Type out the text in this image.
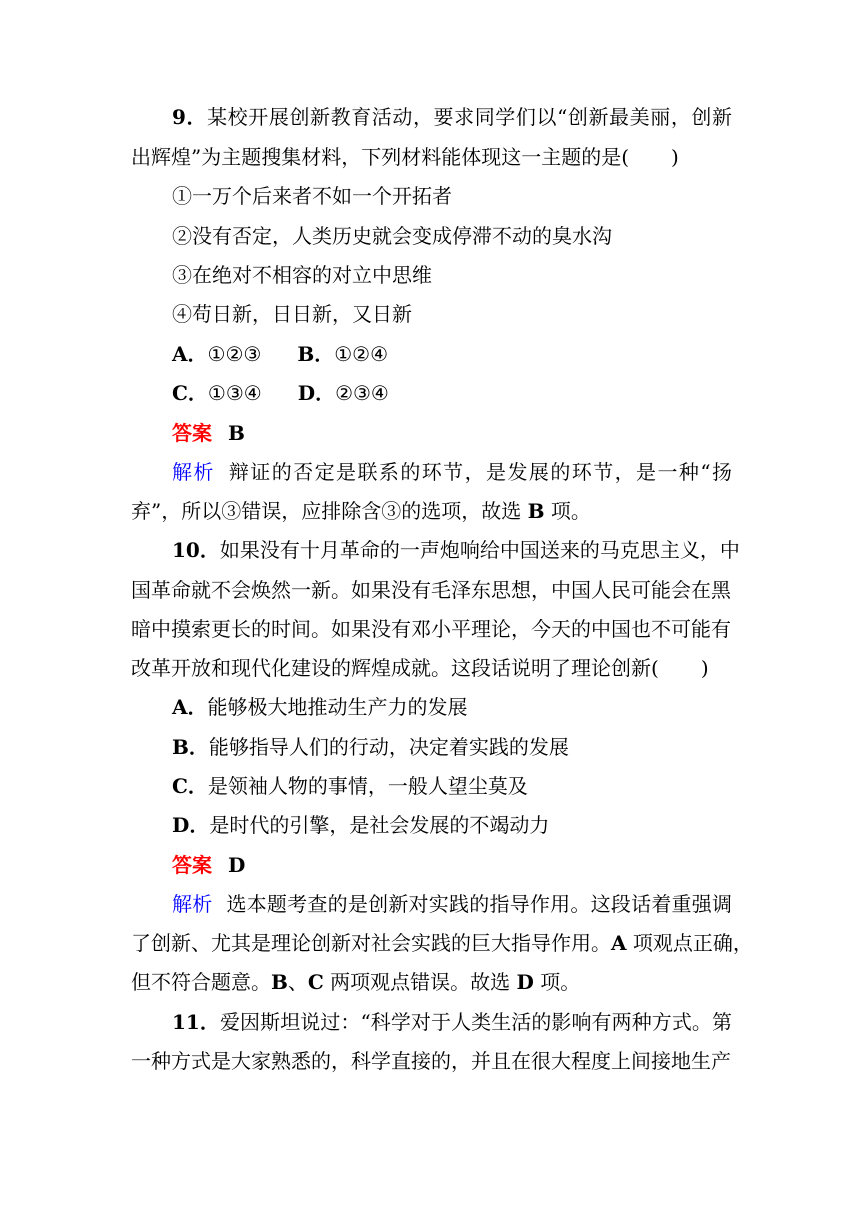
9．某校开展创新教育活动，要求同学们以“创新最美丽，创新
出辉煌”为主题搜集材料，下列材料能体现这一主题的是( )
①一万个后来者不如一个开拓者
②没有否定，人类历史就会变成停滞不动的臭水沟
③在绝对不相容的对立中思维
④苟日新，日日新，又日新
A．①②③ B．①②④
C．①③④ D．②③④
答案 B
解析 辩证的否定是联系的环节，是发展的环节，是一种“扬
弃”，所以③错误，应排除含③的选项，故选 B 项。
10．如果没有十月革命的一声炮响给中国送来的马克思主义，中
国革命就不会焕然一新。如果没有毛泽东思想，中国人民可能会在黑
暗中摸索更长的时间。如果没有邓小平理论，今天的中国也不可能有
改革开放和现代化建设的辉煌成就。这段话说明了理论创新( )
A．能够极大地推动生产力的发展
B．能够指导人们的行动，决定着实践的发展
C．是领袖人物的事情，一般人望尘莫及
D．是时代的引擎，是社会发展的不竭动力
答案 D
解析 选本题考查的是创新对实践的指导作用。这段话着重强调
了创新、尤其是理论创新对社会实践的巨大指导作用。A 项观点正确，
但不符合题意。B、C 两项观点错误。故选 D 项。
11．爱因斯坦说过：“科学对于人类生活的影响有两种方式。第
一种方式是大家熟悉的，科学直接的，并且在很大程度上间接地生产
